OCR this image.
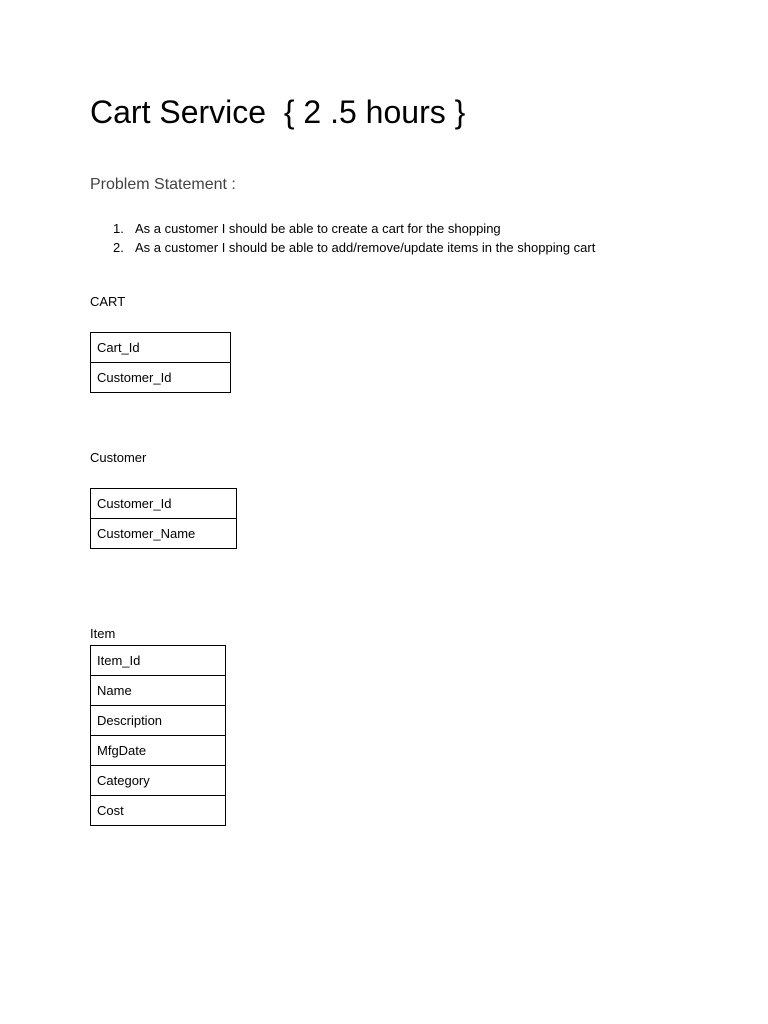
Cart Service  { 2 .5 hours }
Problem Statement :
1. As a customer I should be able to create a cart for the shopping
2. As a customer I should be able to add/remove/update items in the shopping cart

CART

Cart_Id
Customer_Id

Customer

Customer_Id
Customer_Name

Item

Item_Id
Name
Description
MfgDate
Category
Cost
